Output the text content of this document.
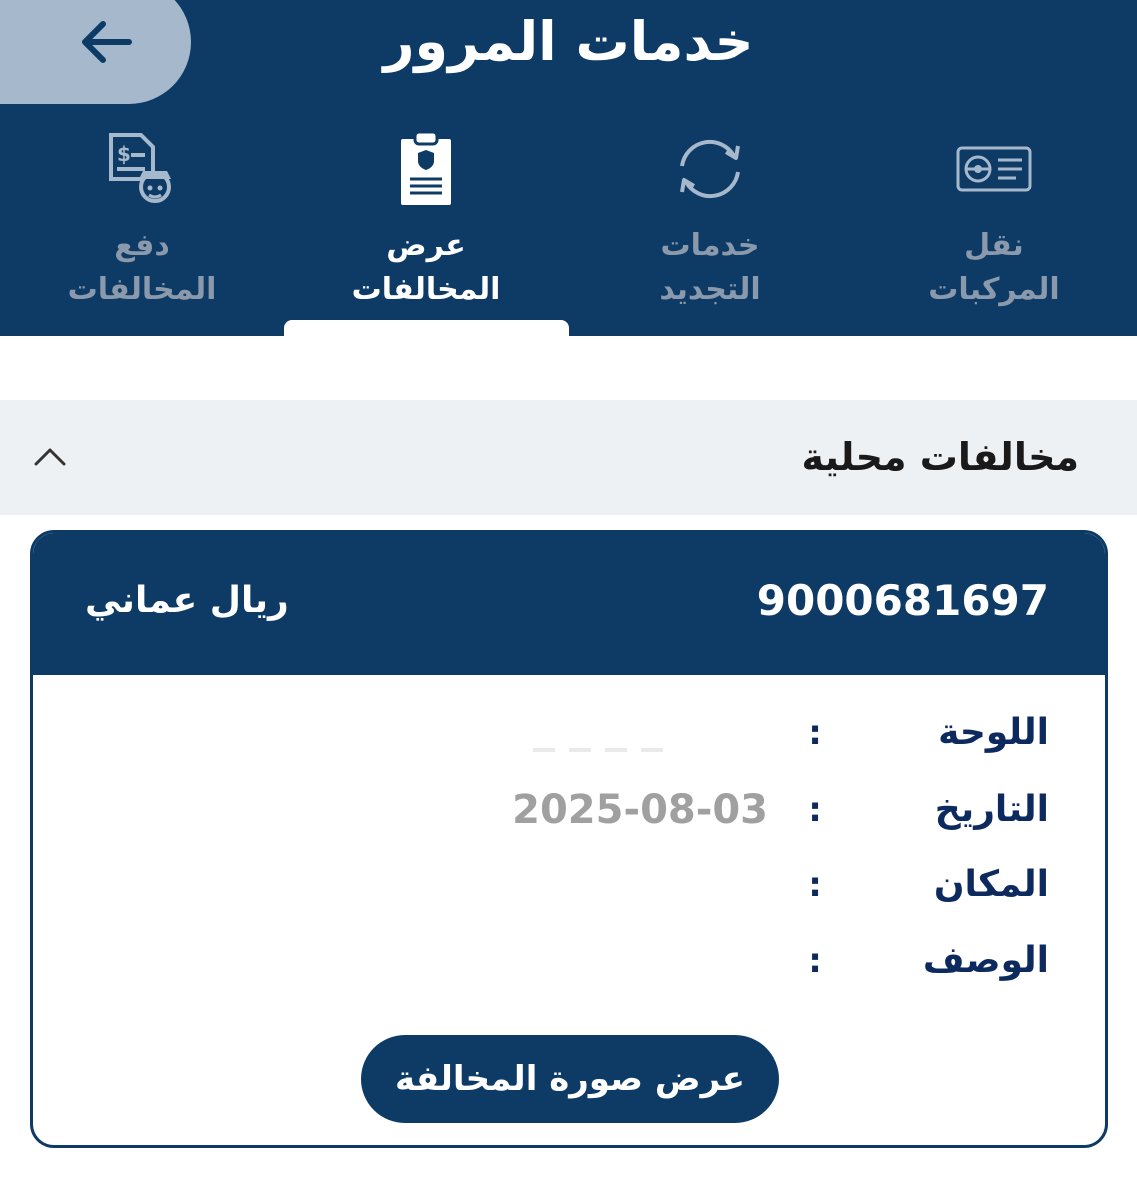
خدمات المرور
$
دفع المخالفات
عرض المخالفات
خدمات التجديد
نقل المركبات
مخالفات محلية
9000681697
ريال عماني
اللوحة
:
التاريخ
:
2025-08-03
المكان
:
الوصف
:
عرض صورة المخالفة
